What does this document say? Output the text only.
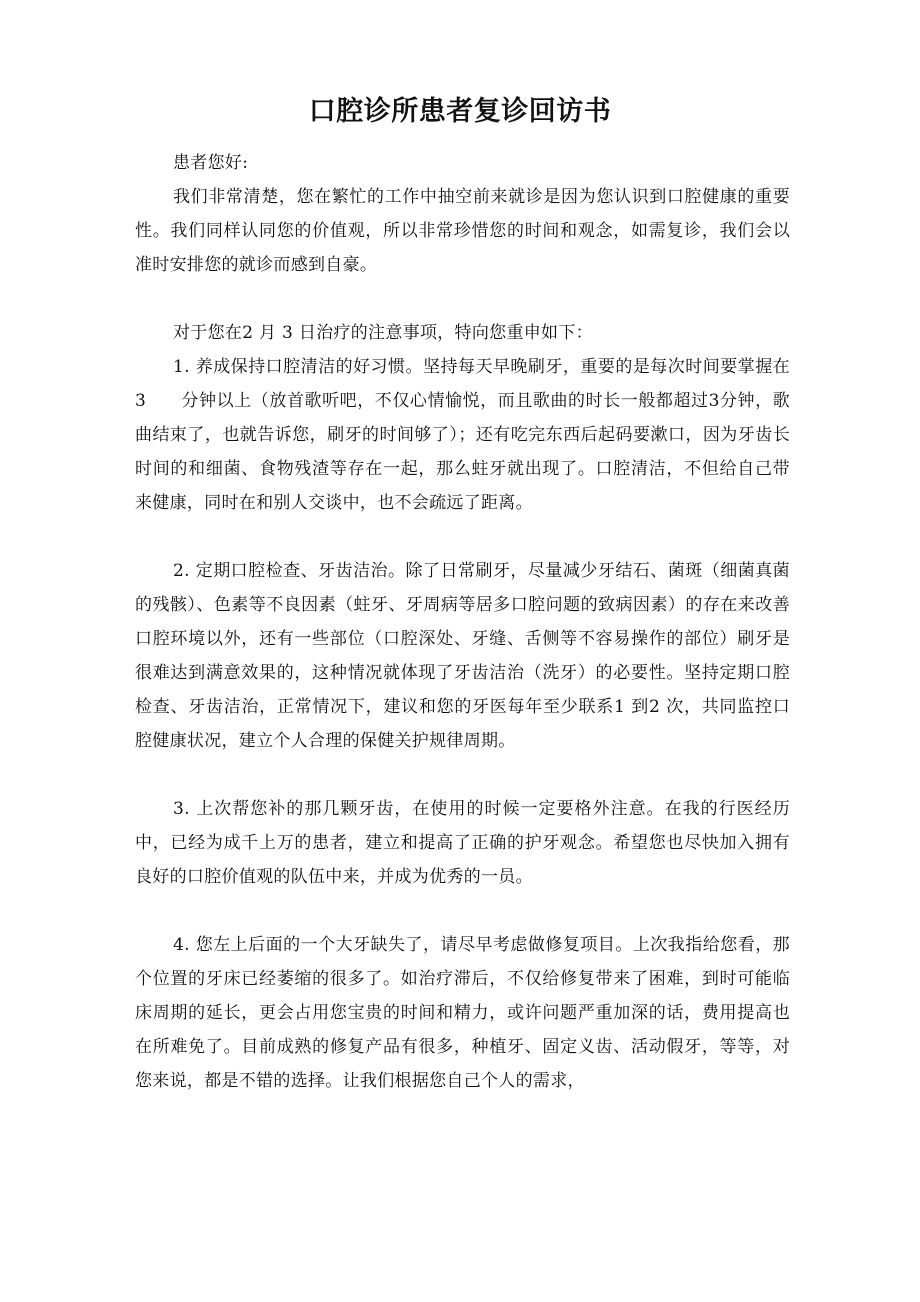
口腔诊所患者复诊回访书

患者您好:

我们非常清楚，您在繁忙的工作中抽空前来就诊是因为您认识到口腔健康的重要性。我们同样认同您的价值观，所以非常珍惜您的时间和观念，如需复诊，我们会以准时安排您的就诊而感到自豪。

对于您在2 月 3 日治疗的注意事项，特向您重申如下：

1. 养成保持口腔清洁的好习惯。坚持每天早晚刷牙，重要的是每次时间要掌握在3　　分钟以上（放首歌听吧，不仅心情愉悦，而且歌曲的时长一般都超过3分钟，歌曲结束了，也就告诉您，刷牙的时间够了）；还有吃完东西后起码要漱口，因为牙齿长时间的和细菌、食物残渣等存在一起，那么蛀牙就出现了。口腔清洁，不但给自己带来健康，同时在和别人交谈中，也不会疏远了距离。

2. 定期口腔检查、牙齿洁治。除了日常刷牙，尽量减少牙结石、菌斑（细菌真菌的残骸）、色素等不良因素（蛀牙、牙周病等居多口腔问题的致病因素）的存在来改善口腔环境以外，还有一些部位（口腔深处、牙缝、舌侧等不容易操作的部位）刷牙是很难达到满意效果的，这种情况就体现了牙齿洁治（洗牙）的必要性。坚持定期口腔检查、牙齿洁治，正常情况下，建议和您的牙医每年至少联系1 到2 次，共同监控口腔健康状况，建立个人合理的保健关护规律周期。

3. 上次帮您补的那几颗牙齿，在使用的时候一定要格外注意。在我的行医经历中，已经为成千上万的患者，建立和提高了正确的护牙观念。希望您也尽快加入拥有良好的口腔价值观的队伍中来，并成为优秀的一员。

4. 您左上后面的一个大牙缺失了，请尽早考虑做修复项目。上次我指给您看，那个位置的牙床已经萎缩的很多了。如治疗滞后，不仅给修复带来了困难，到时可能临床周期的延长，更会占用您宝贵的时间和精力，或许问题严重加深的话，费用提高也在所难免了。目前成熟的修复产品有很多，种植牙、固定义齿、活动假牙，等等，对您来说，都是不错的选择。让我们根据您自己个人的需求，
